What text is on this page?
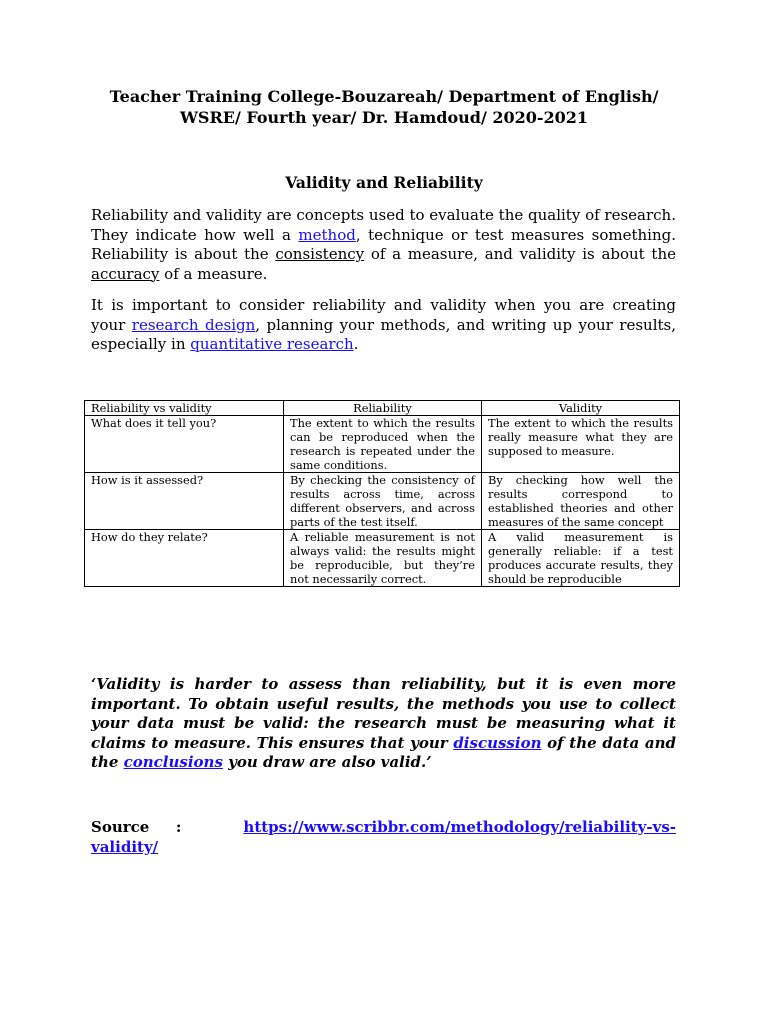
Teacher Training College-Bouzareah/ Department of English/
WSRE/ Fourth year/ Dr. Hamdoud/ 2020-2021
Validity and Reliability

Reliability and validity are concepts used to evaluate the quality of research. They indicate how well a method, technique or test measures something. Reliability is about the consistency of a measure, and validity is about the accuracy of a measure.

It is important to consider reliability and validity when you are creating your research design, planning your methods, and writing up your results, especially in quantitative research.

Reliability vs validity	Reliability	Validity
What does it tell you?	The extent to which the results can be reproduced when the research is repeated under the same conditions.	The extent to which the results really measure what they are supposed to measure.
How is it assessed?	By checking the consistency of results across time, across different observers, and across parts of the test itself.	By checking how well the results correspond to established theories and other measures of the same concept
How do they relate?	A reliable measurement is not always valid: the results might be reproducible, but they’re not necessarily correct.	A valid measurement is generally reliable: if a test produces accurate results, they should be reproducible

‘Validity is harder to assess than reliability, but it is even more important. To obtain useful results, the methods you use to collect your data must be valid: the research must be measuring what it claims to measure. This ensures that your discussion of the data and the conclusions you draw are also valid.’

Source :	https://www.scribbr.com/methodology/reliability-vs-validity/
